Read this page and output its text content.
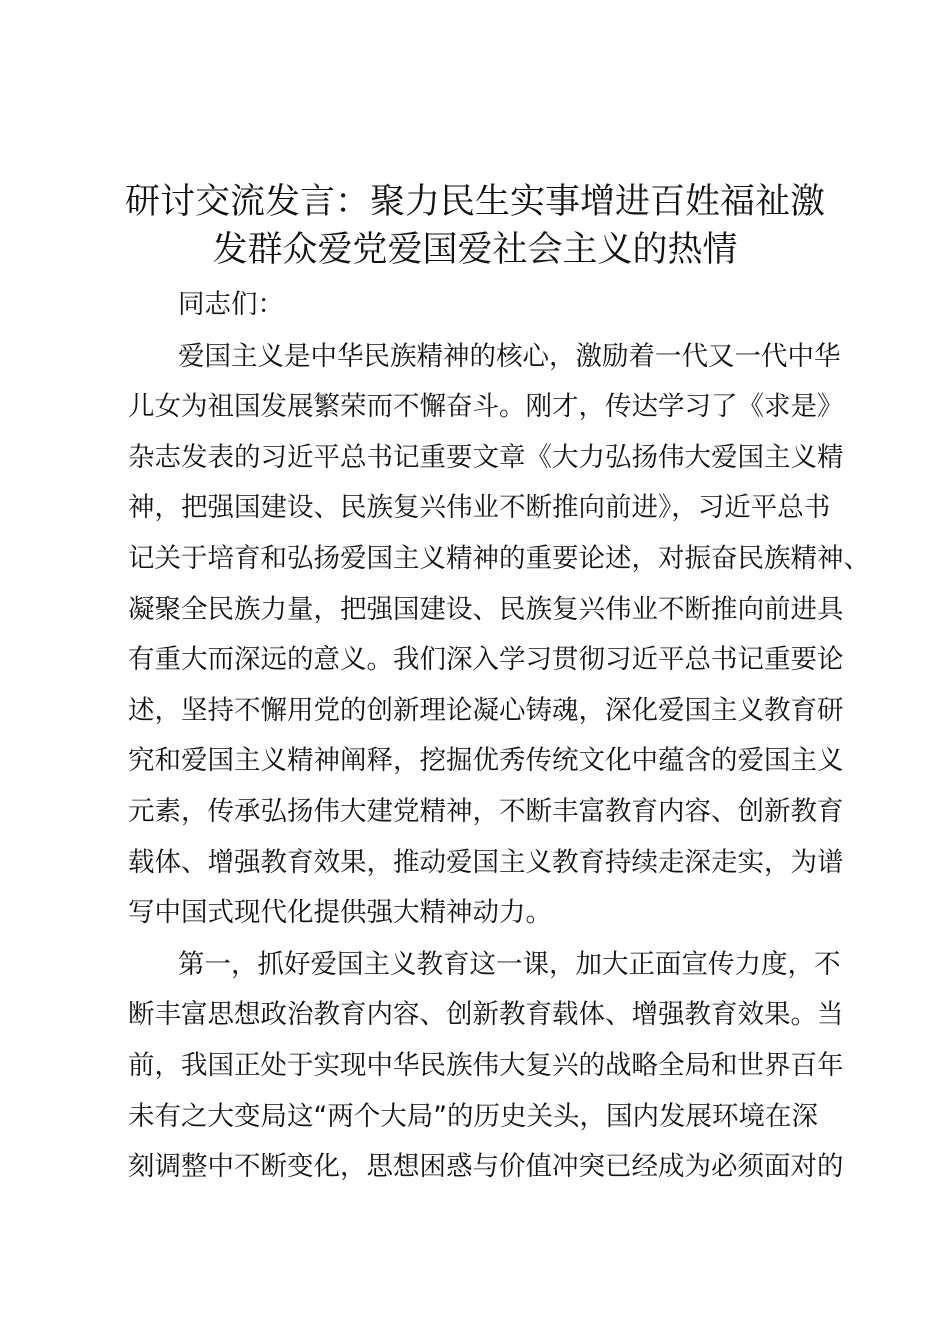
研讨交流发言：聚力民生实事增进百姓福祉激
发群众爱党爱国爱社会主义的热情
同志们：
爱国主义是中华民族精神的核心，激励着一代又一代中华
儿女为祖国发展繁荣而不懈奋斗。刚才，传达学习了《求是》
杂志发表的习近平总书记重要文章《大力弘扬伟大爱国主义精
神，把强国建设、民族复兴伟业不断推向前进》，习近平总书
记关于培育和弘扬爱国主义精神的重要论述，对振奋民族精神、
凝聚全民族力量，把强国建设、民族复兴伟业不断推向前进具
有重大而深远的意义。我们深入学习贯彻习近平总书记重要论
述，坚持不懈用党的创新理论凝心铸魂，深化爱国主义教育研
究和爱国主义精神阐释，挖掘优秀传统文化中蕴含的爱国主义
元素，传承弘扬伟大建党精神，不断丰富教育内容、创新教育
载体、增强教育效果，推动爱国主义教育持续走深走实，为谱
写中国式现代化提供强大精神动力。
第一，抓好爱国主义教育这一课，加大正面宣传力度，不
断丰富思想政治教育内容、创新教育载体、增强教育效果。当
前，我国正处于实现中华民族伟大复兴的战略全局和世界百年
未有之大变局这“两个大局”的历史关头，国内发展环境在深
刻调整中不断变化，思想困惑与价值冲突已经成为必须面对的
